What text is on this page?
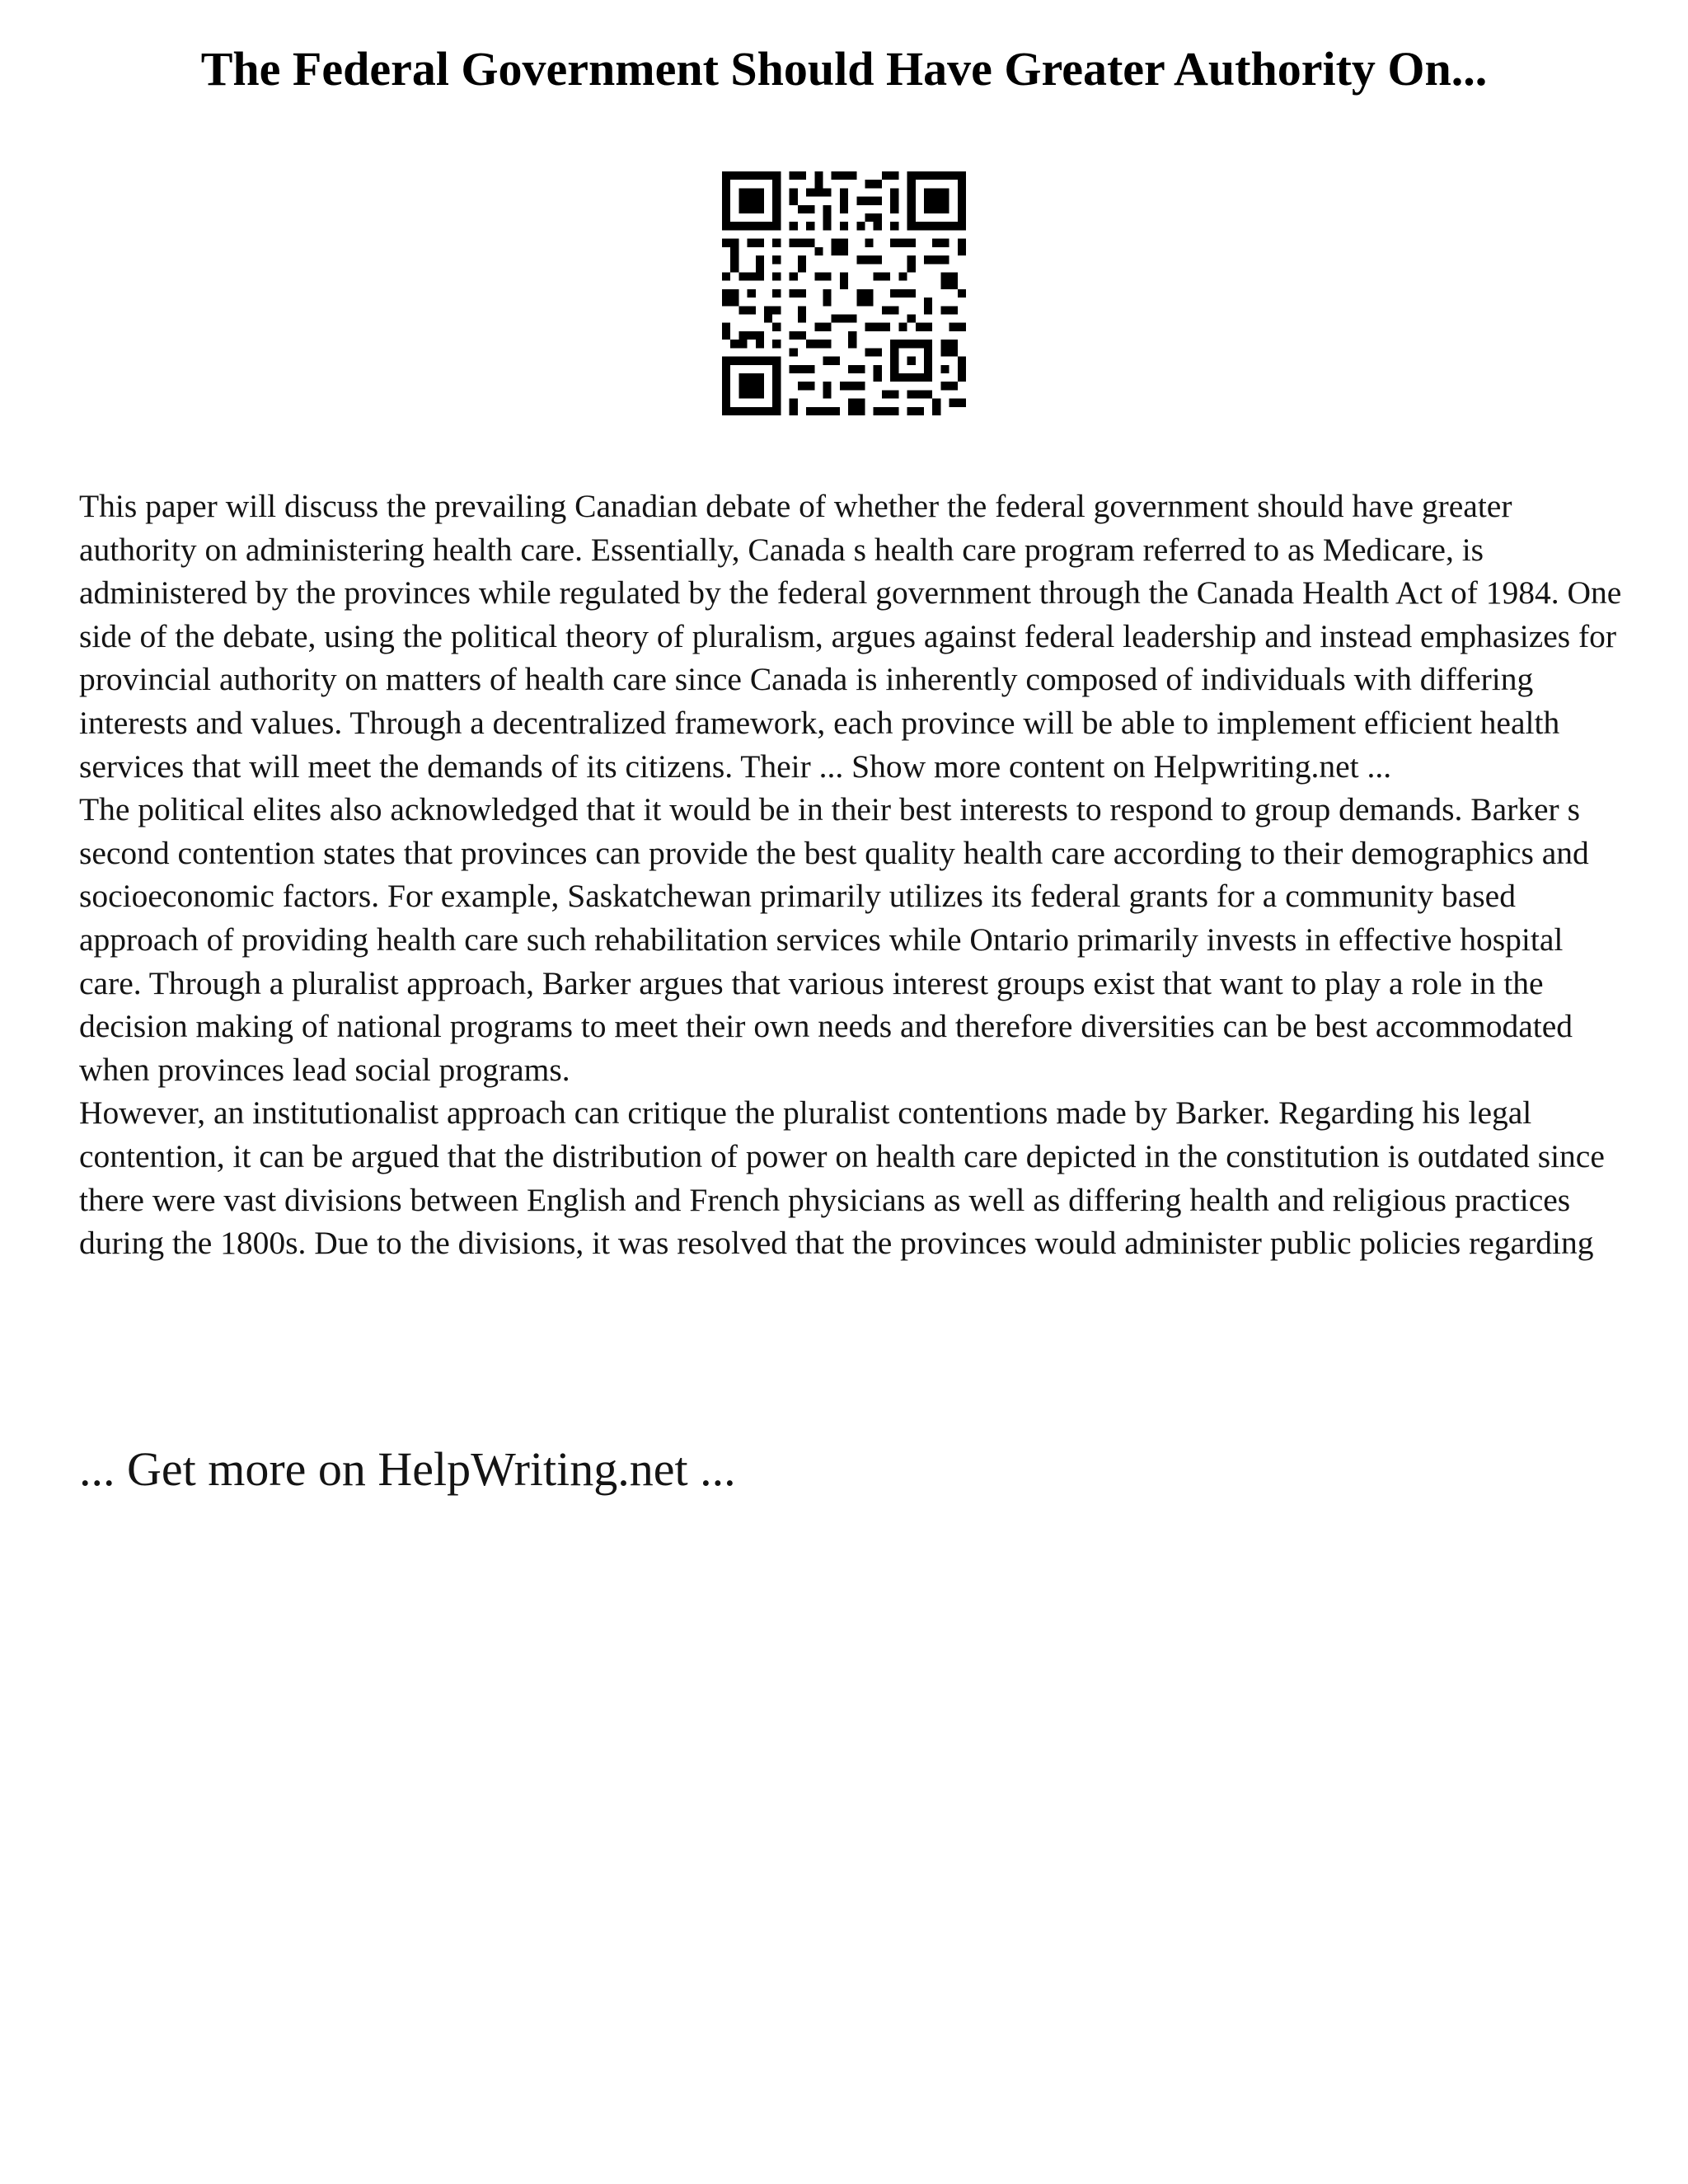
The Federal Government Should Have Greater Authority On...

This paper will discuss the prevailing Canadian debate of whether the federal government should have greater authority on administering health care. Essentially, Canada s health care program referred to as Medicare, is administered by the provinces while regulated by the federal government through the Canada Health Act of 1984. One side of the debate, using the political theory of pluralism, argues against federal leadership and instead emphasizes for provincial authority on matters of health care since Canada is inherently composed of individuals with differing interests and values. Through a decentralized framework, each province will be able to implement efficient health services that will meet the demands of its citizens. Their ... Show more content on Helpwriting.net ...

The political elites also acknowledged that it would be in their best interests to respond to group demands. Barker s second contention states that provinces can provide the best quality health care according to their demographics and socioeconomic factors. For example, Saskatchewan primarily utilizes its federal grants for a community based approach of providing health care such rehabilitation services while Ontario primarily invests in effective hospital care. Through a pluralist approach, Barker argues that various interest groups exist that want to play a role in the decision making of national programs to meet their own needs and therefore diversities can be best accommodated when provinces lead social programs.

However, an institutionalist approach can critique the pluralist contentions made by Barker. Regarding his legal contention, it can be argued that the distribution of power on health care depicted in the constitution is outdated since there were vast divisions between English and French physicians as well as differing health and religious practices during the 1800s. Due to the divisions, it was resolved that the provinces would administer public policies regarding

... Get more on HelpWriting.net ...
